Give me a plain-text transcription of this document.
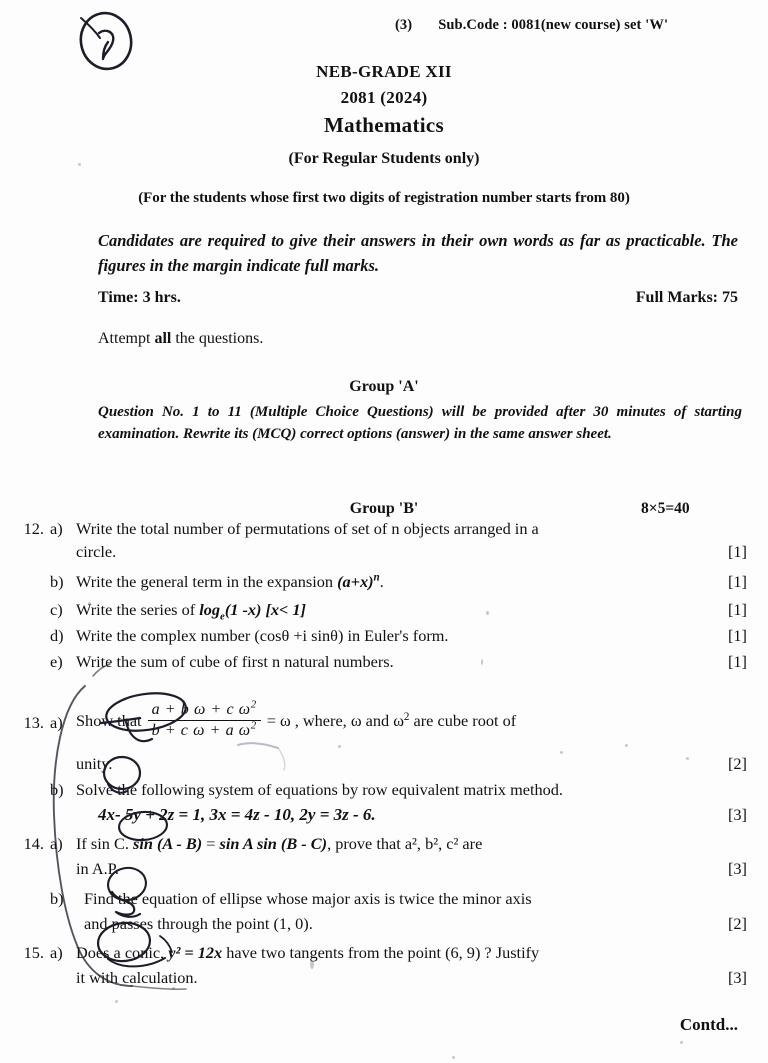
(3) Sub.Code : 0081(new course) set 'W'
NEB-GRADE XII
2081 (2024)
Mathematics
(For Regular Students only)
(For the students whose first two digits of registration number starts from 80)
Candidates are required to give their answers in their own words as far as practicable. The figures in the margin indicate full marks.
Time: 3 hrs.	Full Marks: 75
Attempt all the questions.
Group 'A'
Question No. 1 to 11 (Multiple Choice Questions) will be provided after 30 minutes of starting examination. Rewrite its (MCQ) correct options (answer) in the same answer sheet.
Group 'B'	8×5=40
12. a) Write the total number of permutations of set of n objects arranged in a
circle.	[1]
b) Write the general term in the expansion $(a+x)^n$.	[1]
c) Write the series of $\log_e(1$ -x) [x< 1]	[1]
d) Write the complex number (cosθ +i sinθ) in Euler's form.	[1]
e) Write the sum of cube of first n natural numbers.	[1]
13. a) Show that $\frac{a + b \omega + c \omega^2}{b + c \omega + a \omega^2} = \omega$ , where, ω and $\omega^2$ are cube root of
unity.	[2]
b) Solve the following system of equations by row equivalent matrix method.
4x- 5y + 2z = 1, 3x = 4z - 10, 2y = 3z - 6.	[3]
14. a) If sin C. sin (A - B) = sin A sin (B - C), prove that a², b², c² are
in A.P.	[3]
b)	Find the equation of ellipse whose major axis is twice the minor axis
and passes through the point (1, 0).	[2]
15. a) Does a conic, y² = 12x have two tangents from the point (6, 9) ? Justify
it with calculation.	[3]
Contd...
